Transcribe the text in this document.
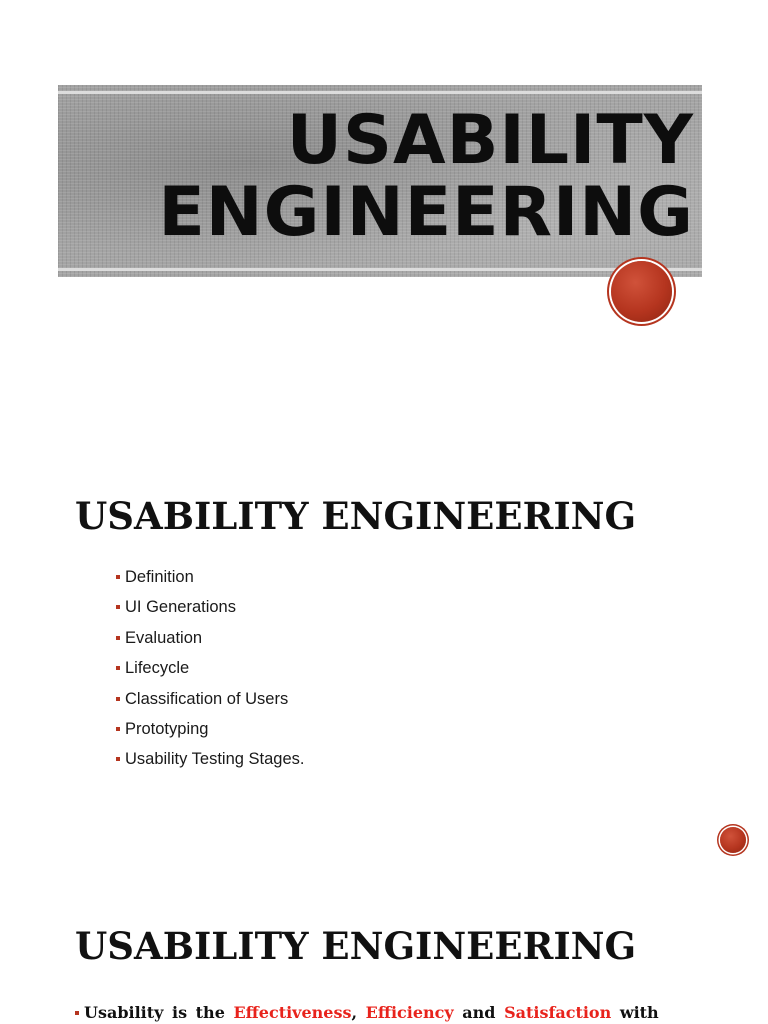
USABILITY
ENGINEERING
USABILITY ENGINEERING
Definition
UI Generations
Evaluation
Lifecycle
Classification of Users
Prototyping
Usability Testing Stages.
USABILITY ENGINEERING

Usability is the Effectiveness, Efficiency and Satisfaction with
